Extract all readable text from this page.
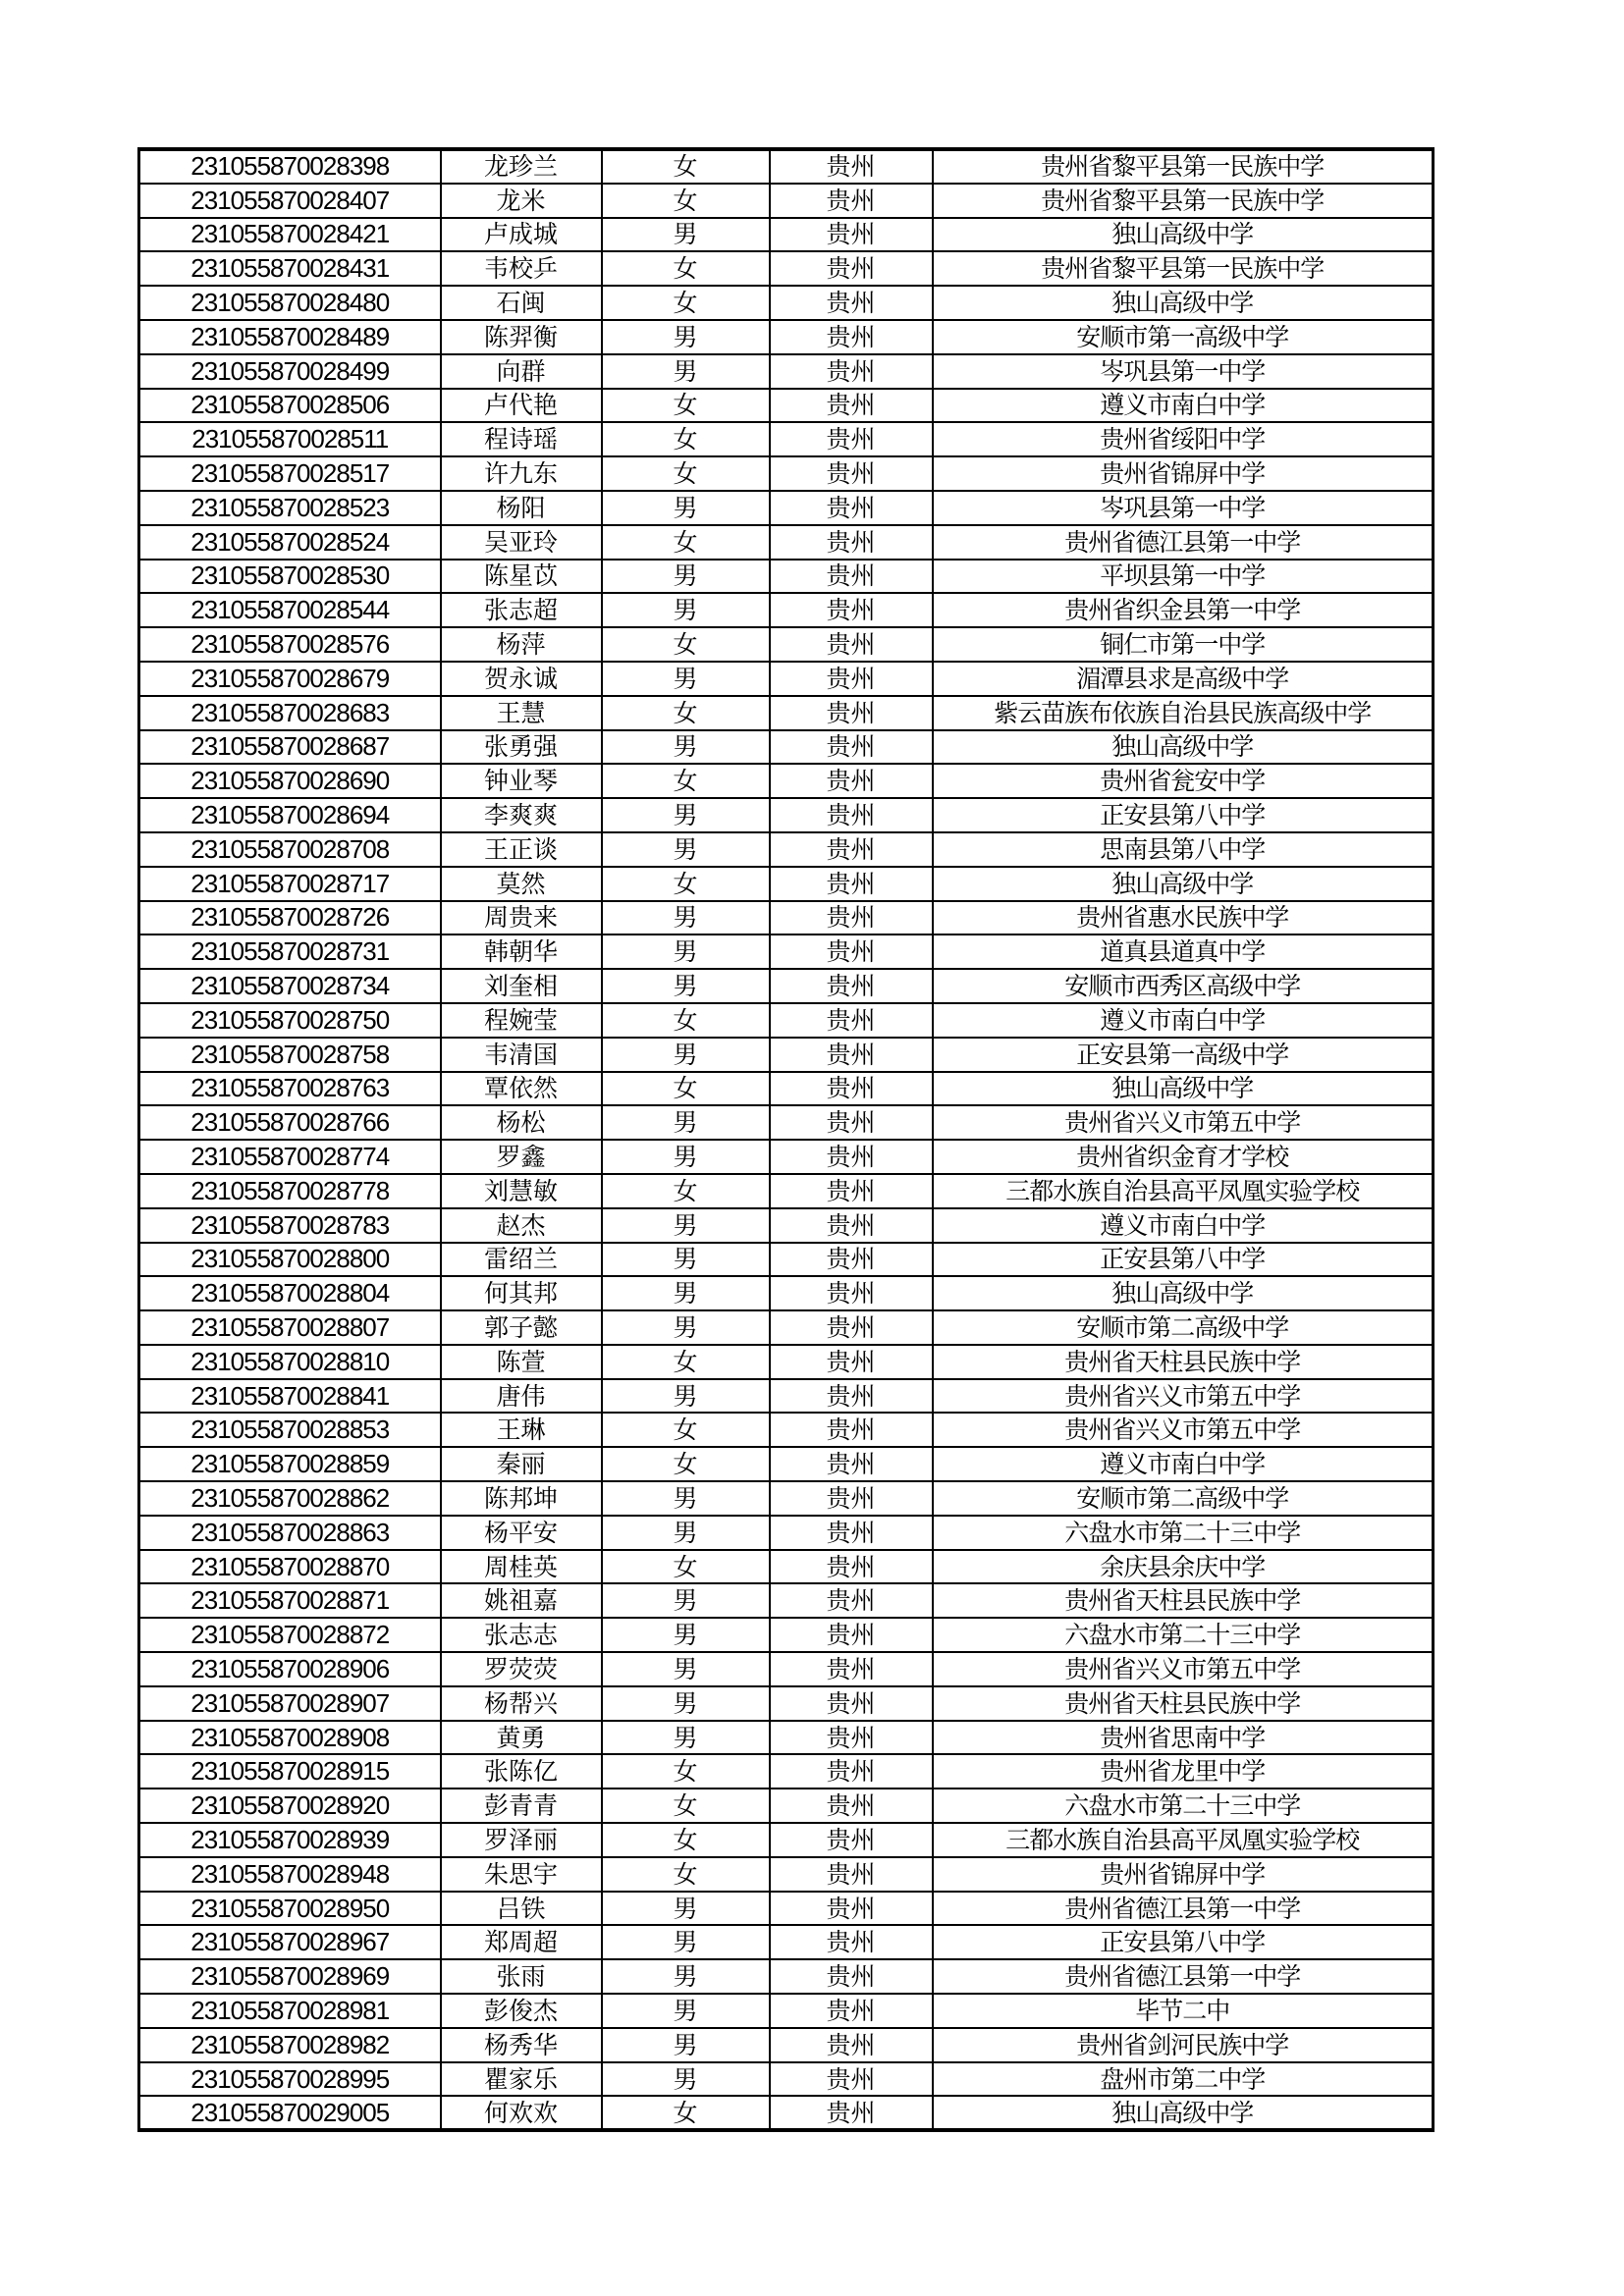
231055870028398	龙珍兰	女	贵州	贵州省黎平县第一民族中学
231055870028407	龙米	女	贵州	贵州省黎平县第一民族中学
231055870028421	卢成城	男	贵州	独山高级中学
231055870028431	韦校乒	女	贵州	贵州省黎平县第一民族中学
231055870028480	石闽	女	贵州	独山高级中学
231055870028489	陈羿衡	男	贵州	安顺市第一高级中学
231055870028499	向群	男	贵州	岑巩县第一中学
231055870028506	卢代艳	女	贵州	遵义市南白中学
231055870028511	程诗瑶	女	贵州	贵州省绥阳中学
231055870028517	许九东	女	贵州	贵州省锦屏中学
231055870028523	杨阳	男	贵州	岑巩县第一中学
231055870028524	吴亚玲	女	贵州	贵州省德江县第一中学
231055870028530	陈星苡	男	贵州	平坝县第一中学
231055870028544	张志超	男	贵州	贵州省织金县第一中学
231055870028576	杨萍	女	贵州	铜仁市第一中学
231055870028679	贺永诚	男	贵州	湄潭县求是高级中学
231055870028683	王慧	女	贵州	紫云苗族布依族自治县民族高级中学
231055870028687	张勇强	男	贵州	独山高级中学
231055870028690	钟业琴	女	贵州	贵州省瓮安中学
231055870028694	李爽爽	男	贵州	正安县第八中学
231055870028708	王正谈	男	贵州	思南县第八中学
231055870028717	莫然	女	贵州	独山高级中学
231055870028726	周贵来	男	贵州	贵州省惠水民族中学
231055870028731	韩朝华	男	贵州	道真县道真中学
231055870028734	刘奎相	男	贵州	安顺市西秀区高级中学
231055870028750	程婉莹	女	贵州	遵义市南白中学
231055870028758	韦清国	男	贵州	正安县第一高级中学
231055870028763	覃依然	女	贵州	独山高级中学
231055870028766	杨松	男	贵州	贵州省兴义市第五中学
231055870028774	罗鑫	男	贵州	贵州省织金育才学校
231055870028778	刘慧敏	女	贵州	三都水族自治县高平凤凰实验学校
231055870028783	赵杰	男	贵州	遵义市南白中学
231055870028800	雷绍兰	男	贵州	正安县第八中学
231055870028804	何其邦	男	贵州	独山高级中学
231055870028807	郭子懿	男	贵州	安顺市第二高级中学
231055870028810	陈萱	女	贵州	贵州省天柱县民族中学
231055870028841	唐伟	男	贵州	贵州省兴义市第五中学
231055870028853	王琳	女	贵州	贵州省兴义市第五中学
231055870028859	秦丽	女	贵州	遵义市南白中学
231055870028862	陈邦坤	男	贵州	安顺市第二高级中学
231055870028863	杨平安	男	贵州	六盘水市第二十三中学
231055870028870	周桂英	女	贵州	余庆县余庆中学
231055870028871	姚祖嘉	男	贵州	贵州省天柱县民族中学
231055870028872	张志志	男	贵州	六盘水市第二十三中学
231055870028906	罗荧荧	男	贵州	贵州省兴义市第五中学
231055870028907	杨帮兴	男	贵州	贵州省天柱县民族中学
231055870028908	黄勇	男	贵州	贵州省思南中学
231055870028915	张陈亿	女	贵州	贵州省龙里中学
231055870028920	彭青青	女	贵州	六盘水市第二十三中学
231055870028939	罗泽丽	女	贵州	三都水族自治县高平凤凰实验学校
231055870028948	朱思宇	女	贵州	贵州省锦屏中学
231055870028950	吕铁	男	贵州	贵州省德江县第一中学
231055870028967	郑周超	男	贵州	正安县第八中学
231055870028969	张雨	男	贵州	贵州省德江县第一中学
231055870028981	彭俊杰	男	贵州	毕节二中
231055870028982	杨秀华	男	贵州	贵州省剑河民族中学
231055870028995	瞿家乐	男	贵州	盘州市第二中学
231055870029005	何欢欢	女	贵州	独山高级中学
